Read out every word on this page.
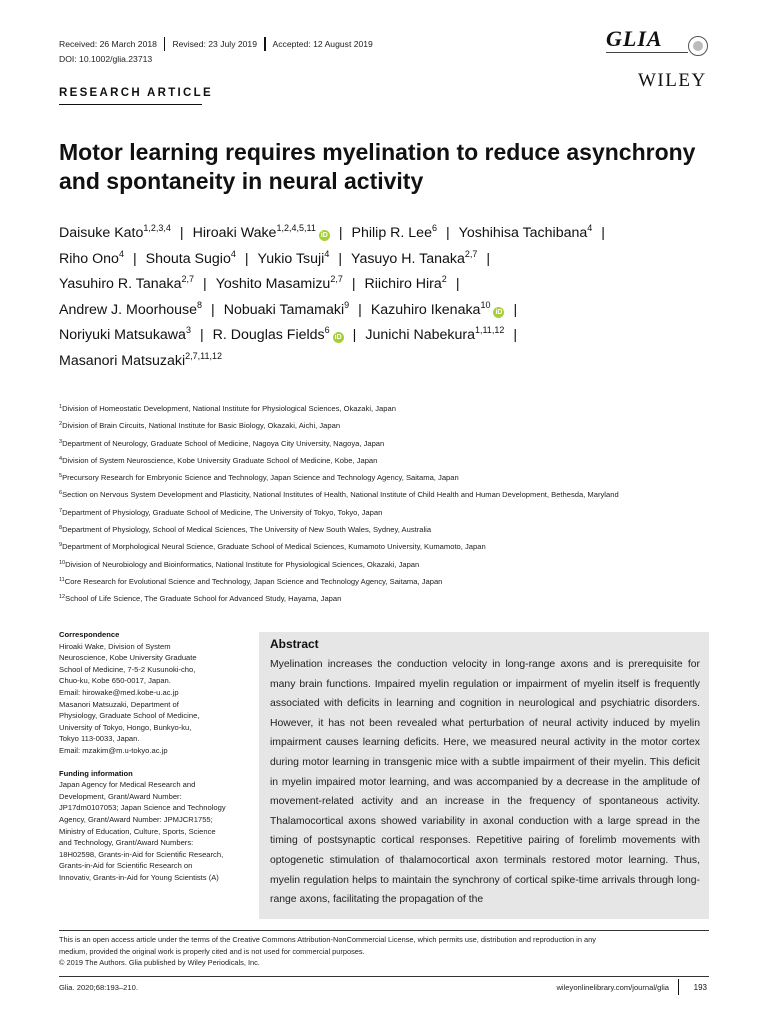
Received: 26 March 2018 Revised: 23 July 2019 Accepted: 12 August 2019
DOI: 10.1002/glia.23713
GLIA
WILEY
RESEARCH ARTICLE
Motor learning requires myelination to reduce asynchrony and spontaneity in neural activity
Daisuke Kato$^{1,2,3,4}$ | Hiroaki Wake$^{1,2,4,5,11}$iD | Philip R. Lee$^6$ | Yoshihisa Tachibana$^4$ |
Riho Ono$^4$ | Shouta Sugio$^4$ | Yukio Tsuji$^4$ | Yasuyo H. Tanaka$^{2,7}$ |
Yasuhiro R. Tanaka$^{2,7}$ | Yoshito Masamizu$^{2,7}$ | Riichiro Hira$^2$ |
Andrew J. Moorhouse$^8$ | Nobuaki Tamamaki$^9$ | Kazuhiro Ikenaka$^{10}$iD |
Noriyuki Matsukawa$^3$ | R. Douglas Fields$^6$iD | Junichi Nabekura$^{1,11,12}$ |
Masanori Matsuzaki$^{2,7,11,12}$
$^1$Division of Homeostatic Development, National Institute for Physiological Sciences, Okazaki, Japan
$^2$Division of Brain Circuits, National Institute for Basic Biology, Okazaki, Aichi, Japan
$^3$Department of Neurology, Graduate School of Medicine, Nagoya City University, Nagoya, Japan
$^4$Division of System Neuroscience, Kobe University Graduate School of Medicine, Kobe, Japan
$^5$Precursory Research for Embryonic Science and Technology, Japan Science and Technology Agency, Saitama, Japan
$^6$Section on Nervous System Development and Plasticity, National Institutes of Health, National Institute of Child Health and Human Development, Bethesda, Maryland
$^7$Department of Physiology, Graduate School of Medicine, The University of Tokyo, Tokyo, Japan
$^8$Department of Physiology, School of Medical Sciences, The University of New South Wales, Sydney, Australia
$^9$Department of Morphological Neural Science, Graduate School of Medical Sciences, Kumamoto University, Kumamoto, Japan
$^{10}$Division of Neurobiology and Bioinformatics, National Institute for Physiological Sciences, Okazaki, Japan
$^{11}$Core Research for Evolutional Science and Technology, Japan Science and Technology Agency, Saitama, Japan
$^{12}$School of Life Science, The Graduate School for Advanced Study, Hayama, Japan
Correspondence
Hiroaki Wake, Division of System
Neuroscience, Kobe University Graduate
School of Medicine, 7-5-2 Kusunoki-cho,
Chuo-ku, Kobe 650-0017, Japan.
Email: hirowake@med.kobe-u.ac.jp
Masanori Matsuzaki, Department of
Physiology, Graduate School of Medicine,
University of Tokyo, Hongo, Bunkyo-ku,
Tokyo 113-0033, Japan.
Email: mzakim@m.u-tokyo.ac.jp
Funding information
Japan Agency for Medical Research and
Development, Grant/Award Number:
JP17dm0107053; Japan Science and Technology
Agency, Grant/Award Number: JPMJCR1755;
Ministry of Education, Culture, Sports, Science
and Technology, Grant/Award Numbers:
18H02598, Grants-in-Aid for Scientific Research,
Grants-in-Aid for Scientific Research on
Innovativ, Grants-in-Aid for Young Scientists (A)
Abstract
Myelination increases the conduction velocity in long-range axons and is prerequisite for many brain functions. Impaired myelin regulation or impairment of myelin itself is frequently associated with deficits in learning and cognition in neurological and psychiatric disorders. However, it has not been revealed what perturbation of neural activity induced by myelin impairment causes learning deficits. Here, we measured neural activity in the motor cortex during motor learning in transgenic mice with a subtle impairment of their myelin. This deficit in myelin impaired motor learning, and was accompanied by a decrease in the amplitude of movement-related activity and an increase in the frequency of spontaneous activity. Thalamocortical axons showed variability in axonal conduction with a large spread in the timing of postsynaptic cortical responses. Repetitive pairing of forelimb movements with optogenetic stimulation of thalamocortical axon terminals restored motor learning. Thus, myelin regulation helps to maintain the synchrony of cortical spike-time arrivals through long-range axons, facilitating the propagation of the
This is an open access article under the terms of the Creative Commons Attribution-NonCommercial License, which permits use, distribution and reproduction in any
medium, provided the original work is properly cited and is not used for commercial purposes.
© 2019 The Authors. Glia published by Wiley Periodicals, Inc.
Glia. 2020;68:193–210.	wileyonlinelibrary.com/journal/glia	193
